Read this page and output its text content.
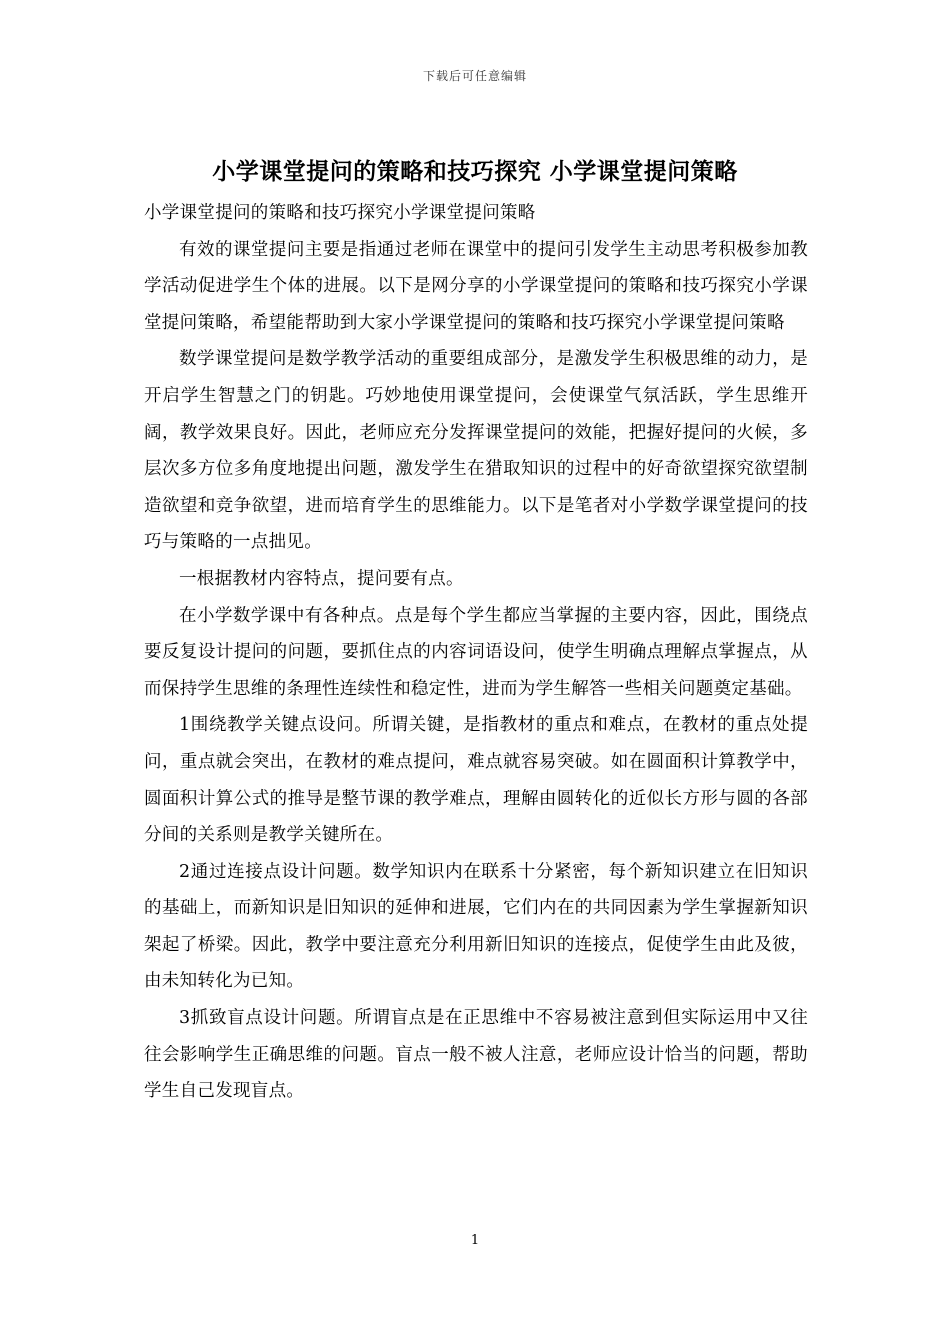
下载后可任意编辑
小学课堂提问的策略和技巧探究 小学课堂提问策略

小学课堂提问的策略和技巧探究小学课堂提问策略

有效的课堂提问主要是指通过老师在课堂中的提问引发学生主动思考积极参加教学活动促进学生个体的进展。以下是网分享的小学课堂提问的策略和技巧探究小学课堂提问策略，希望能帮助到大家小学课堂提问的策略和技巧探究小学课堂提问策略

数学课堂提问是数学教学活动的重要组成部分，是激发学生积极思维的动力，是开启学生智慧之门的钥匙。巧妙地使用课堂提问，会使课堂气氛活跃，学生思维开阔，教学效果良好。因此，老师应充分发挥课堂提问的效能，把握好提问的火候，多层次多方位多角度地提出问题，激发学生在猎取知识的过程中的好奇欲望探究欲望制造欲望和竞争欲望，进而培育学生的思维能力。以下是笔者对小学数学课堂提问的技巧与策略的一点拙见。

一根据教材内容特点，提问要有点。

在小学数学课中有各种点。点是每个学生都应当掌握的主要内容，因此，围绕点要反复设计提问的问题，要抓住点的内容词语设问，使学生明确点理解点掌握点，从而保持学生思维的条理性连续性和稳定性，进而为学生解答一些相关问题奠定基础。

1围绕教学关键点设问。所谓关键，是指教材的重点和难点，在教材的重点处提问，重点就会突出，在教材的难点提问，难点就容易突破。如在圆面积计算教学中，圆面积计算公式的推导是整节课的教学难点，理解由圆转化的近似长方形与圆的各部分间的关系则是教学关键所在。

2通过连接点设计问题。数学知识内在联系十分紧密，每个新知识建立在旧知识的基础上，而新知识是旧知识的延伸和进展，它们内在的共同因素为学生掌握新知识架起了桥梁。因此，教学中要注意充分利用新旧知识的连接点，促使学生由此及彼，由未知转化为已知。

3抓致盲点设计问题。所谓盲点是在正思维中不容易被注意到但实际运用中又往往会影响学生正确思维的问题。盲点一般不被人注意，老师应设计恰当的问题，帮助学生自己发现盲点。

1
